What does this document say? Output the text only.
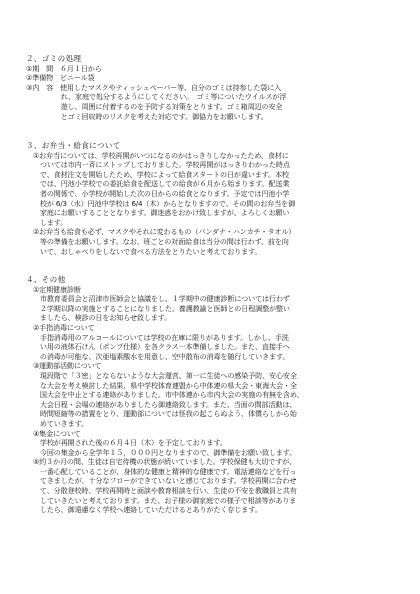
２、ゴミの処理
①期　間　６月１日から
②準備物　ビニール袋
③内　容　使用したマスクやティッシュペーパー等、自分のゴミは持参した袋に入
　　　　　れ、家庭で処分するようにしてください。　ゴミ等についたウイルスが浮
　　　　　遊し、周囲に付着するのを予防する対策をとります。ゴミ箱周辺の安全
　　　　　とゴミ回収時のリスクを考えた対応です。御協力をお願いします。
３、お弁当・給食について
　①お弁当については、学校再開がいつになるのかはっきりしなかったため、食材に
　　ついては市内一斉にストップしておりました。学校再開がはっきりわかった時点
　　で、食材注文を開始したため、学校によって給食スタートの日が違います。本校
　　では、円池小学校での委託給食を配送しての給食が６月から始まります。配送業
　　者の関係で、小学校が開始した次の日からの給食となります。予定では円池小学
　　校が 6/3（水）円池中学校は 6/4（木）からとなりますので、その間のお弁当を御
　　家庭にお願いすることとなります。御迷惑をおかけ致しますが、よろしくお願い
　　します。
　②お弁当も給食も必ず、マスクやそれに変わるもの（バンダナ・ハンカチ・タオル）
　　等の準備をお願いします。なお、班ごとの対面給食は当分の間は行わず、前を向
　　いて、おしゃべりをしないで食べる方法をとりたいと考えております。
４、その他
　①定期健康診断
　　市教育委員会と沼津市医師会と協議をし、１学期中の健康診断については行わず
　　２学期以降の実施とすることになりました。養護教諭と医師との日程調整が整い
　　ましたら、検診の日をお知らせ致します。
　②手指消毒について
　　手指消毒用のアルコールについては学校の在庫に限りがあります。しかし、手洗
　　い用の液体石けん（ポンプ仕様）を各クラス一本準備しました。また、直接手へ
　　の消毒が可能な、次亜塩素酸水を用意し、空中散布の消毒を随行していきます。
　③運動部活動について
　　現段階で「３密」とならないような大会運営、第一に生徒への感染予防、安心安全
　　な大会を考え検討した結果、県中学校体育連盟から中体連の県大会・東海大会・全
　　国大会を中止とする連絡がありました。市中体連から市内大会の実施の有無を含め、
　　大会日程・会場の連絡がありましたら御連絡致します。また、当面の間部活動は、
　　時間短縮等の措置をとり、運動部については怪我の起こらぬよう、体慣らしから始
　　めていきます。
　④集金について
　　学校が再開された後の６月４日（木）を予定しております。
　　今回の集金から全学年１５，０００円となりますので、御準備をお願い致します。
　⑤約３か月の間、生徒は自宅待機の状態が続いていました。学校保健も大切ですが、
　　一番心配していることが、身体的な健康と精神的な健康です。電話連絡などを行っ
　　てきましたが、十分なフローができていないと感じております。学校再開に合わせ
　　て、分散登校時、学校再開時と面談や教育相談を行い、生徒の不安を教職員と共有
　　していきたいと考えております。また、お子様の御家庭での様子で相談等がありま
　　したら、御遠慮なく学校へ連絡していただけるとありがたく存じます。
